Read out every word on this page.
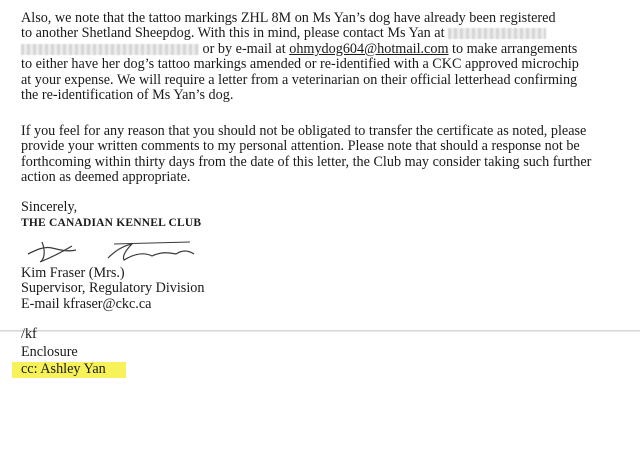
Also, we note that the tattoo markings ZHL 8M on Ms Yan’s dog have already been registered
to another Shetland Sheepdog. With this in mind, please contact Ms Yan at
or by e-mail at ohmydog604@hotmail.com to make arrangements
to either have her dog’s tattoo markings amended or re-identified with a CKC approved microchip
at your expense. We will require a letter from a veterinarian on their official letterhead confirming
the re-identification of Ms Yan’s dog.
If you feel for any reason that you should not be obligated to transfer the certificate as noted, please
provide your written comments to my personal attention. Please note that should a response not be
forthcoming within thirty days from the date of this letter, the Club may consider taking such further
action as deemed appropriate.
Sincerely,
THE CANADIAN KENNEL CLUB
Kim Fraser (Mrs.)
Supervisor, Regulatory Division
E-mail kfraser@ckc.ca
/kf
Enclosure
cc: Ashley Yan
